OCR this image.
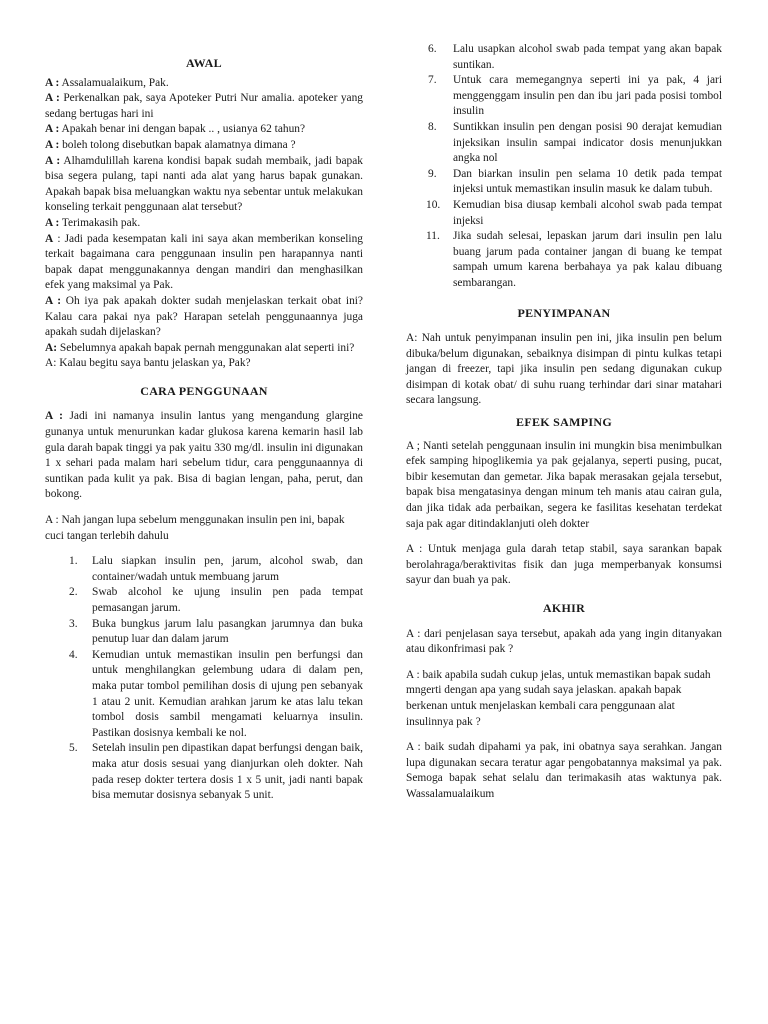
AWAL

A : Assalamualaikum, Pak.

A : Perkenalkan pak, saya Apoteker Putri Nur amalia. apoteker yang sedang bertugas hari ini

A : Apakah benar ini dengan bapak .. , usianya 62 tahun?

A : boleh tolong disebutkan bapak alamatnya dimana ?

A : Alhamdulillah karena kondisi bapak sudah membaik, jadi bapak bisa segera pulang, tapi nanti ada alat yang harus bapak gunakan. Apakah bapak bisa meluangkan waktu nya sebentar untuk melakukan konseling terkait penggunaan alat tersebut?

A : Terimakasih pak.

A : Jadi pada kesempatan kali ini saya akan memberikan konseling terkait bagaimana cara penggunaan insulin pen harapannya nanti bapak dapat menggunakannya dengan mandiri dan menghasilkan efek yang maksimal ya Pak.

A : Oh iya pak apakah dokter sudah menjelaskan terkait obat ini? Kalau cara pakai nya pak? Harapan setelah penggunaannya juga apakah sudah dijelaskan?

A: Sebelumnya apakah bapak pernah menggunakan alat seperti ini?

A: Kalau begitu saya bantu jelaskan ya, Pak?

CARA PENGGUNAAN

A : Jadi ini namanya insulin lantus yang mengandung glargine gunanya untuk menurunkan kadar glukosa karena kemarin hasil lab gula darah bapak tinggi ya pak yaitu 330 mg/dl. insulin ini digunakan 1 x sehari pada malam hari sebelum tidur, cara penggunaannya di suntikan pada kulit ya pak. Bisa di bagian lengan, paha, perut, dan bokong.

A : Nah jangan lupa sebelum menggunakan insulin pen ini, bapak cuci tangan terlebih dahulu

1. Lalu siapkan insulin pen, jarum, alcohol swab, dan container/wadah untuk membuang jarum
2. Swab alcohol ke ujung insulin pen pada tempat pemasangan jarum.
3. Buka bungkus jarum lalu pasangkan jarumnya dan buka penutup luar dan dalam jarum
4. Kemudian untuk memastikan insulin pen berfungsi dan untuk menghilangkan gelembung udara di dalam pen, maka putar tombol pemilihan dosis di ujung pen sebanyak 1 atau 2 unit. Kemudian arahkan jarum ke atas lalu tekan tombol dosis sambil mengamati keluarnya insulin. Pastikan dosisnya kembali ke nol.
5. Setelah insulin pen dipastikan dapat berfungsi dengan baik, maka atur dosis sesuai yang dianjurkan oleh dokter. Nah pada resep dokter tertera dosis 1 x 5 unit, jadi nanti bapak bisa memutar dosisnya sebanyak 5 unit.
6. Lalu usapkan alcohol swab pada tempat yang akan bapak suntikan.
7. Untuk cara memegangnya seperti ini ya pak, 4 jari menggenggam insulin pen dan ibu jari pada posisi tombol insulin
8. Suntikkan insulin pen dengan posisi 90 derajat kemudian injeksikan insulin sampai indicator dosis menunjukkan angka nol
9. Dan biarkan insulin pen selama 10 detik pada tempat injeksi untuk memastikan insulin masuk ke dalam tubuh.
10. Kemudian bisa diusap kembali alcohol swab pada tempat injeksi
11. Jika sudah selesai, lepaskan jarum dari insulin pen lalu buang jarum pada container jangan di buang ke tempat sampah umum karena berbahaya ya pak kalau dibuang sembarangan.
PENYIMPANAN

A: Nah untuk penyimpanan insulin pen ini, jika insulin pen belum dibuka/belum digunakan, sebaiknya disimpan di pintu kulkas tetapi jangan di freezer, tapi jika insulin pen sedang digunakan cukup disimpan di kotak obat/ di suhu ruang terhindar dari sinar matahari secara langsung.

EFEK SAMPING

A ; Nanti setelah penggunaan insulin ini mungkin bisa menimbulkan efek samping hipoglikemia ya pak gejalanya, seperti pusing, pucat, bibir kesemutan dan gemetar. Jika bapak merasakan gejala tersebut, bapak bisa mengatasinya dengan minum teh manis atau cairan gula, dan jika tidak ada perbaikan, segera ke fasilitas kesehatan terdekat saja pak agar ditindaklanjuti oleh dokter

A : Untuk menjaga gula darah tetap stabil, saya sarankan bapak berolahraga/beraktivitas fisik dan juga memperbanyak konsumsi sayur dan buah ya pak.

AKHIR

A : dari penjelasan saya tersebut, apakah ada yang ingin ditanyakan atau dikonfrimasi pak ?

A : baik apabila sudah cukup jelas, untuk memastikan bapak sudah mngerti dengan apa yang sudah saya jelaskan. apakah bapak berkenan untuk menjelaskan kembali cara penggunaan alat insulinnya pak ?

A : baik sudah dipahami ya pak, ini obatnya saya serahkan. Jangan lupa digunakan secara teratur agar pengobatannya maksimal ya pak. Semoga bapak sehat selalu dan terimakasih atas waktunya pak. Wassalamualaikum
